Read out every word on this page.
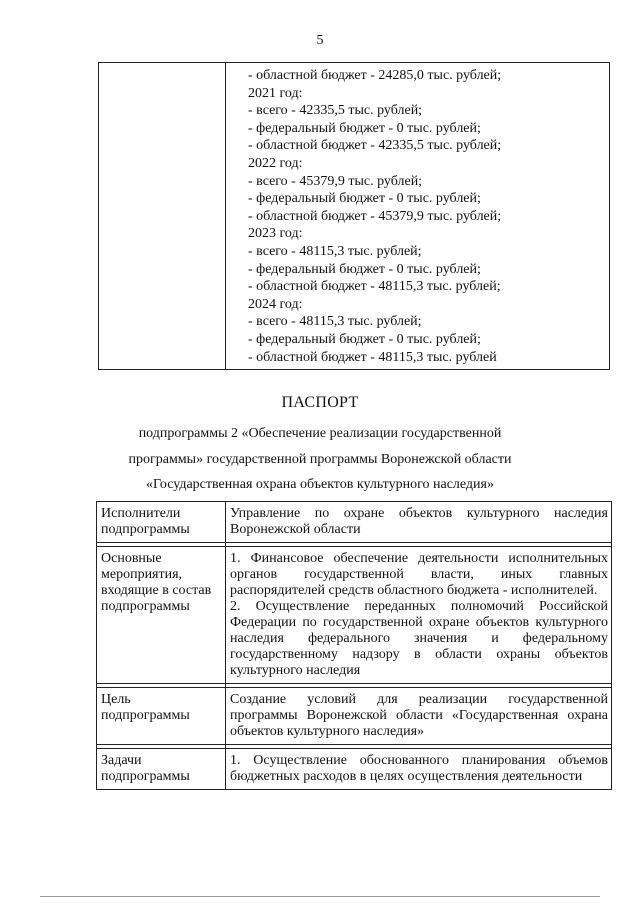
5

- областной бюджет - 24285,0 тыс. рублей;
2021 год:
- всего - 42335,5 тыс. рублей;
- федеральный бюджет - 0 тыс. рублей;
- областной бюджет - 42335,5 тыс. рублей;
2022 год:
- всего - 45379,9 тыс. рублей;
- федеральный бюджет - 0 тыс. рублей;
- областной бюджет - 45379,9 тыс. рублей;
2023 год:
- всего - 48115,3 тыс. рублей;
- федеральный бюджет - 0 тыс. рублей;
- областной бюджет - 48115,3 тыс. рублей;
2024 год:
- всего - 48115,3 тыс. рублей;
- федеральный бюджет - 0 тыс. рублей;
- областной бюджет - 48115,3 тыс. рублей
ПАСПОРТ
подпрограммы 2 «Обеспечение реализации государственной
программы» государственной программы Воронежской области
«Государственная охрана объектов культурного наследия»
Исполнители подпрограммы	Управление по охране объектов культурного наследия Воронежской области

Основные мероприятия, входящие в состав подпрограммы	1. Финансовое обеспечение деятельности исполнительных органов государственной власти, иных главных распорядителей средств областного бюджета - исполнителей.
2. Осуществление переданных полномочий Российской Федерации по государственной охране объектов культурного наследия федерального значения и федеральному государственному надзору в области охраны объектов культурного наследия

Цель подпрограммы	Создание условий для реализации государственной программы Воронежской области «Государственная охрана объектов культурного наследия»

Задачи подпрограммы	1. Осуществление обоснованного планирования объемов бюджетных расходов в целях осуществления деятельности
